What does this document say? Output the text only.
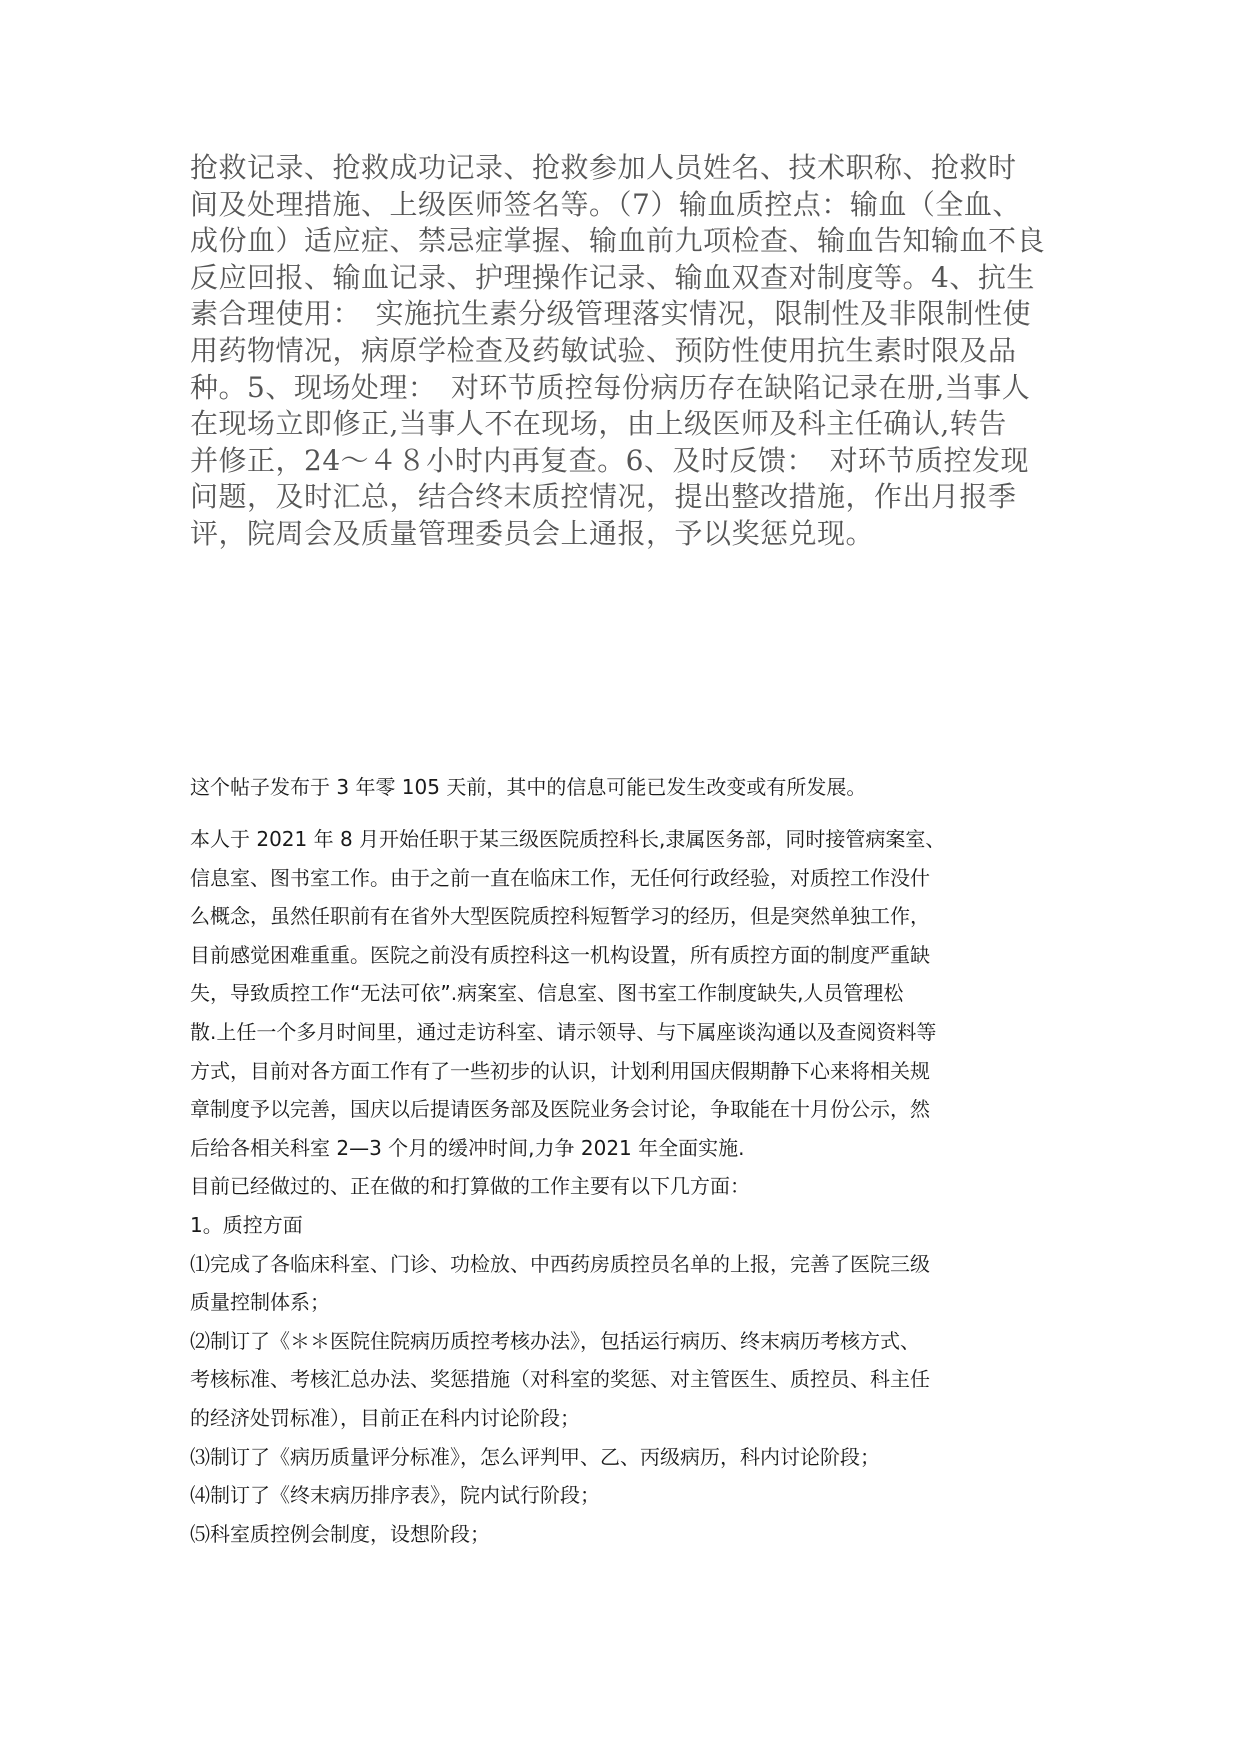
抢救记录、抢救成功记录、抢救参加人员姓名、技术职称、抢救时
间及处理措施、上级医师签名等。（7）输血质控点：输血（全血、
成份血）适应症、禁忌症掌握、输血前九项检查、输血告知输血不良
反应回报、输血记录、护理操作记录、输血双查对制度等。4、抗生
素合理使用：　实施抗生素分级管理落实情况，限制性及非限制性使
用药物情况，病原学检查及药敏试验、预防性使用抗生素时限及品
种。5、现场处理：　对环节质控每份病历存在缺陷记录在册,当事人
在现场立即修正,当事人不在现场，由上级医师及科主任确认,转告
并修正，24～４８小时内再复查。6、及时反馈：　对环节质控发现
问题，及时汇总，结合终末质控情况，提出整改措施，作出月报季
评，院周会及质量管理委员会上通报，予以奖惩兑现。
这个帖子发布于 3 年零 105 天前，其中的信息可能已发生改变或有所发展。
本人于 2021 年 8 月开始任职于某三级医院质控科长,隶属医务部，同时接管病案室、
信息室、图书室工作。由于之前一直在临床工作，无任何行政经验，对质控工作没什
么概念，虽然任职前有在省外大型医院质控科短暂学习的经历，但是突然单独工作，
目前感觉困难重重。医院之前没有质控科这一机构设置，所有质控方面的制度严重缺
失，导致质控工作“无法可依”.病案室、信息室、图书室工作制度缺失,人员管理松
散.上任一个多月时间里，通过走访科室、请示领导、与下属座谈沟通以及查阅资料等
方式，目前对各方面工作有了一些初步的认识，计划利用国庆假期静下心来将相关规
章制度予以完善，国庆以后提请医务部及医院业务会讨论，争取能在十月份公示，然
后给各相关科室 2—3 个月的缓冲时间,力争 2021 年全面实施.
目前已经做过的、正在做的和打算做的工作主要有以下几方面：
1。质控方面
⑴完成了各临床科室、门诊、功检放、中西药房质控员名单的上报，完善了医院三级
质量控制体系；
⑵制订了《＊＊医院住院病历质控考核办法》，包括运行病历、终末病历考核方式、
考核标准、考核汇总办法、奖惩措施（对科室的奖惩、对主管医生、质控员、科主任
的经济处罚标准），目前正在科内讨论阶段；
⑶制订了《病历质量评分标准》，怎么评判甲、乙、丙级病历，科内讨论阶段；
⑷制订了《终末病历排序表》，院内试行阶段；
⑸科室质控例会制度，设想阶段；
